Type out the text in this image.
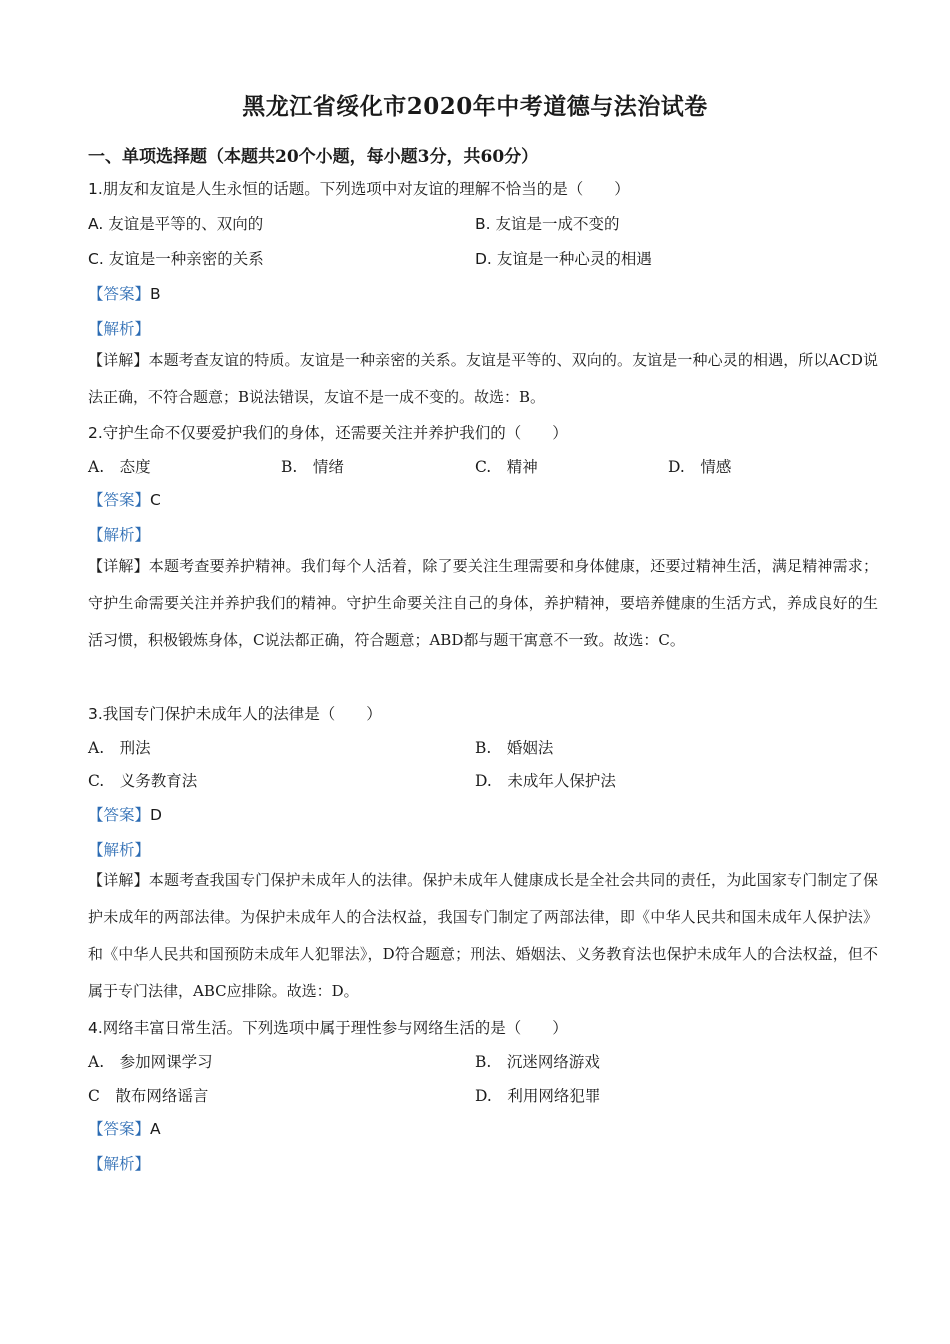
黑龙江省绥化市2020年中考道德与法治试卷
一、单项选择题（本题共20个小题，每小题3分，共60分）
1.朋友和友谊是人生永恒的话题。下列选项中对友谊的理解不恰当的是（　　）
A. 友谊是平等的、双向的	B. 友谊是一成不变的
C. 友谊是一种亲密的关系	D. 友谊是一种心灵的相遇
【答案】B
【解析】
【详解】本题考查友谊的特质。友谊是一种亲密的关系。友谊是平等的、双向的。友谊是一种心灵的相遇，所以ACD说法正确，不符合题意；B说法错误，友谊不是一成不变的。故选：B。
2.守护生命不仅要爱护我们的身体，还需要关注并养护我们的（　　）
A.　 态度	B.　 情绪	C.　 精神	D.　 情感
【答案】C
【解析】
【详解】本题考查要养护精神。我们每个人活着，除了要关注生理需要和身体健康，还要过精神生活，满足精神需求；守护生命需要关注并养护我们的精神。守护生命要关注自己的身体，养护精神，要培养健康的生活方式，养成良好的生活习惯，积极锻炼身体，C说法都正确，符合题意；ABD都与题干寓意不一致。故选：C。
3.我国专门保护未成年人的法律是（　　）
A.　 刑法	B.　 婚姻法
C.　 义务教育法	D.　 未成年人保护法
【答案】D
【解析】
【详解】本题考查我国专门保护未成年人的法律。保护未成年人健康成长是全社会共同的责任，为此国家专门制定了保护未成年的两部法律。为保护未成年人的合法权益，我国专门制定了两部法律，即《中华人民共和国未成年人保护法》和《中华人民共和国预防未成年人犯罪法》，D符合题意；刑法、婚姻法、义务教育法也保护未成年人的合法权益，但不属于专门法律，ABC应排除。故选：D。
4.网络丰富日常生活。下列选项中属于理性参与网络生活的是（　　）
A.　 参加网课学习	B.　 沉迷网络游戏
C　 散布网络谣言	D.　 利用网络犯罪
【答案】A
【解析】
